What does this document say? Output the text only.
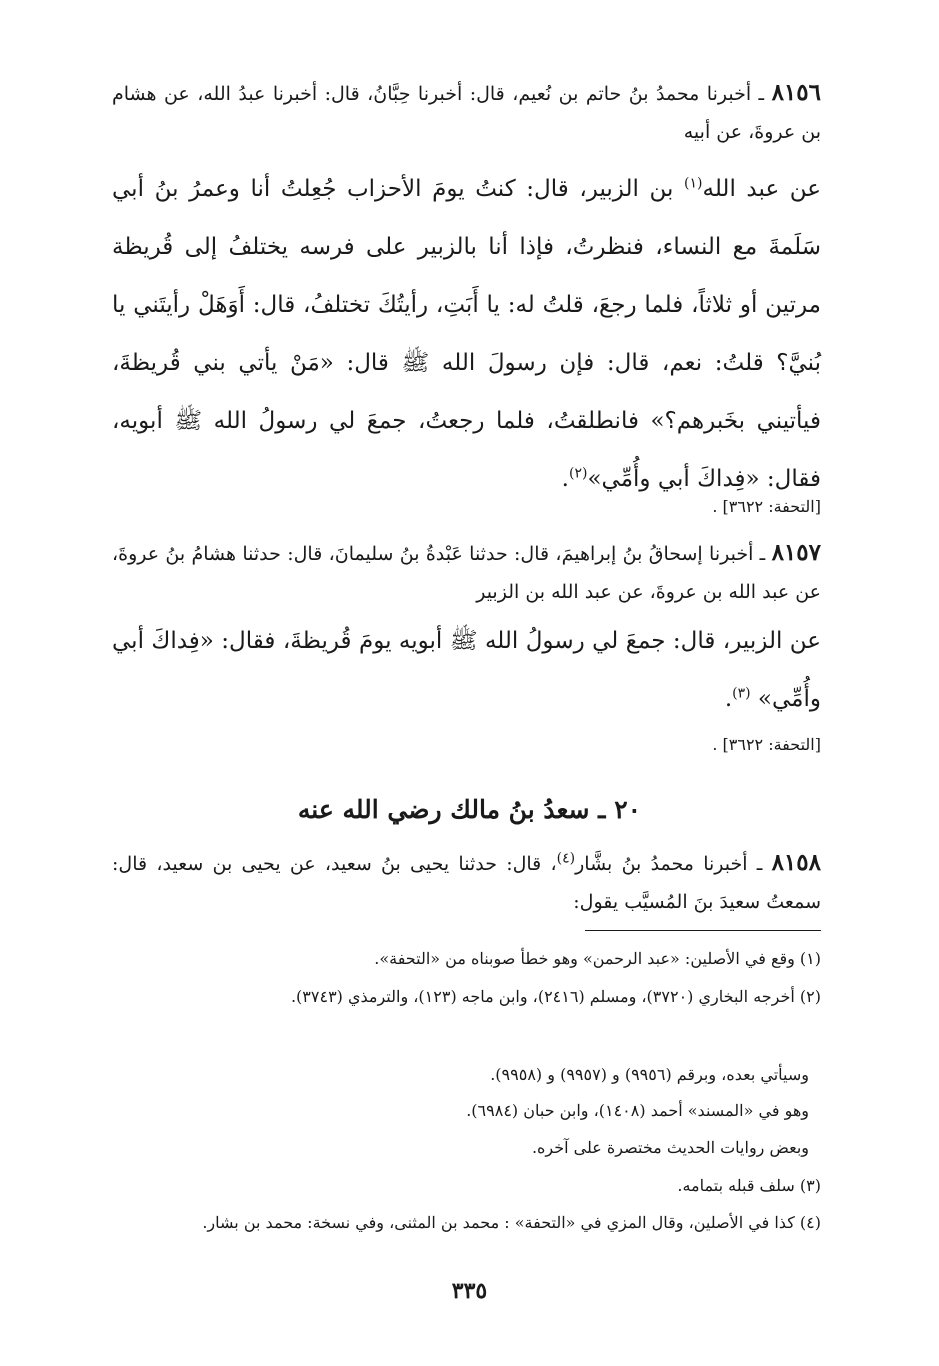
٨١٥٦ ـ أخبرنا محمدُ بنُ حاتم بن نُعيم، قال: أخبرنا حِبَّانُ، قال: أخبرنا عبدُ الله، عن هشام بن عروةَ، عن أبيه

عن عبد الله$^{(١)}$ بن الزبير، قال: كنتُ يومَ الأحزاب جُعِلتُ أنا وعمرُ بنُ أبي سَلَمةَ مع النساء، فنظرتُ، فإذا أنا بالزبير على فرسه يختلفُ إلى قُريظة مرتين أو ثلاثاً، فلما رجعَ، قلتُ له: يا أَبَتِ، رأيتُكَ تختلفُ، قال: أَوَهَلْ رأيتَني يا بُنيَّ؟ قلتُ: نعم، قال: فإن رسولَ الله ﷺ قال: «مَنْ يأتي بني قُريظةَ، فيأتيني بخَبرهم؟» فانطلقتُ، فلما رجعتُ، جمعَ لي رسولُ الله ﷺ أبويه، فقال: «فِداكَ أبي وأُمِّي»$^{(٢)}$.

[التحفة: ٣٦٢٢] .

٨١٥٧ ـ أخبرنا إسحاقُ بنُ إبراهيمَ، قال: حدثنا عَبْدةُ بنُ سليمانَ، قال: حدثنا هشامُ بنُ عروةَ، عن عبد الله بن عروةَ، عن عبد الله بن الزبير

عن الزبير، قال: جمعَ لي رسولُ الله ﷺ أبويه يومَ قُريظةَ، فقال: «فِداكَ أبي وأُمِّي» $^{(٣)}$.

[التحفة: ٣٦٢٢] .

٢٠ ـ سعدُ بنُ مالك رضي الله عنه

٨١٥٨ ـ أخبرنا محمدُ بنُ بشَّار$^{(٤)}$، قال: حدثنا يحيى بنُ سعيد، عن يحيى بن سعيد، قال: سمعتُ سعيدَ بنَ المُسيَّب يقول:

(١) وقع في الأصلين: «عبد الرحمن» وهو خطأ صوبناه من «التحفة».

(٢) أخرجه البخاري (٣٧٢٠)، ومسلم (٢٤١٦)، وابن ماجه (١٢٣)، والترمذي (٣٧٤٣).

وسيأتي بعده، وبرقم (٩٩٥٦) و (٩٩٥٧) و (٩٩٥٨).

وهو في «المسند» أحمد (١٤٠٨)، وابن حبان (٦٩٨٤).

وبعض روايات الحديث مختصرة على آخره.

(٣) سلف قبله بتمامه.

(٤) كذا في الأصلين، وقال المزي في «التحفة» : محمد بن المثنى، وفي نسخة: محمد بن بشار.

٣٣٥
